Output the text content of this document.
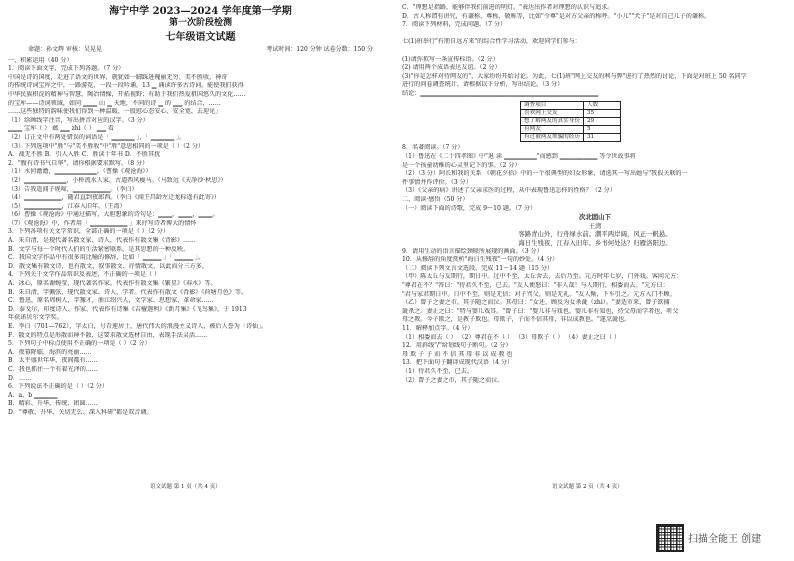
海宁中学 2023—2024 学年度第一学期
第一次阶段检测
七年级语文试题
命题：孙文辉 审核：吴晃晃	考试时间：120 分钟 试卷分数：150 分
一、积累运用（40 分）
1．阅读下面文字，完成下列各题。（7 分）
中国是诗的国度，走进了语文的世界，就犹如一脚踩进瑰丽无穷、美不胜收，神奇
的传统诗词宝库之中，一路游览，一段一段吟诵。13 ▁ 诵读许多古诗词，能使我们获得
中华民族积淀的精神与智慧，陶冶情操，开拓视野；有助于我们热爱祖国悠久的文化……
的宝库——诗词领域，如同 ▁▁▁ 山 ▁ 天地，不同的诗 ▁ 的 ▁▁ 的结合，……
……这些独特的韵味使我们得到一种温暖、一股慰心态安心、安全宽、去迎见」
（1）给画线字注音，写出拼音对应的汉字。（3 分）
▁▁▁ 宝库（ ） 蕴 ▁▁ zhì（ ） ▁▁ 看
（2）订正文中有两处错误的词语是「 ▁▁▁▁▁ 」，「 ▁▁▁▁▁ 」。
（3）下列选项中"胜"与"美不胜收"中"胜"意思相同的一项是（ ）（2 分）
A．战无不胜 B．引人入胜 C．胜读十年书 D．不胜其扰
2．"腹有诗书气自华"，请你根据要求默写。（8 分）
（1）水何澹澹，▁▁▁▁▁▁▁▁▁。（曹操《观沧海》）
（2）▁▁▁▁▁▁▁▁▁，小桥流水人家，古道西风瘦马。（马致远《天净沙·秋思》）
（3）告我遥闻子规啼，▁▁▁▁▁▁▁▁。（李白）
（4）▁▁▁▁▁▁▁▁，随君直到夜郎西。（李白《闻王昌龄左迁龙标遥有此寄》）
（5）▁▁▁▁▁▁▁▁，江春入旧年。（王湾）
（6）曹操《观沧海》中通过描写，大胆想象的诗句是：▁▁▁，▁▁▁，▁▁▁。
（7）《观沧海》中，作者用「 ▁▁▁▁▁▁▁▁ 」来抒写诗者博大的情怀
3．下列各项有关文学常识，全部正确的一项是（ ）（2 分）
A．朱自清，是现代著名散文家、诗人，代表作有散文集《背影》……
B．文学与每一个时代人们的生活紧密联系，是其思想的一种反映。
C．我国文学作品中有很多用比喻的修辞，比如「 ▁▁▁▁ 」「 ▁▁▁▁ 」。
D．散文集有散文诗，也有散文、叙事散文、抒情散文、以此而分三方多。
4．下列关于文学作品常识及表述，不正确的一项是（ ）
A．冰心，原名谢婉莹，现代著名作家。代表作有散文集《繁星》《春水》等。
B．朱自清，字佩弦，现代散文家、诗人，学者。代表作有散文《背影》《荷塘月色》等。
C．鲁迅，原名周树人，字豫才，浙江绍兴人，文学家、思想家、革命家……
D．泰戈尔，印度诗人、作家，代表作有诗集《吉檀迦利》《新月集》《飞鸟集》，于 1913
年获诺贝尔文学奖。
E．李白（701—762），字太白，号青莲居士，唐代伟大的浪漫主义诗人，被后人誉为「诗仙」。
F．散文的特点是形散而神不散，这要求散文选材自由、表现手法灵活……
5．下列句子中标点使用不正确的一项是（ ）（2 分）
A．夜幕降临，海滨的亮丽……
B．太平盛世年华，夜间都有……
C．我也抓住一个有着光泽的……
D．……
6．下列说法不正确的是（ ）（2 分）
A．a、b ▁▁▁▁▁
B．精彩、升华、传统、团圆……
D．"尊敬、升华、关切无么、深入科研"都是双音调。
语文试题 第 1 页（共 4 页）
C．"理想是指路，能够伴我们前进的明灯。"表达出作者对理想的认识与追求。
D．古人称谓有讲究，有谦称、尊称、敬称等，比如"令尊"是对方父亲的称呼。"小儿""犬子"是对自己儿子的谦称。
7．阅读下列材料，完成问题。（7 分）

七(1)班举行"有朋自远方来"的综合性学习活动，欢迎同学们参与：

(1)请你拟写一条宣传标语。（2 分）
(2) 请用两个成语表达友谊。（2 分）
(3)"你是怎样对待网友的"，大家纷纷开始讨论。为此，七(1)班"网上交友的利与弊"进行了热烈的讨论，下面是对班上 50 名同学
进行的问卷调查统计，请根据以下分析，写出结论。（3 分）
结论：▁▁▁▁▁▁▁▁▁▁▁▁▁▁▁▁▁▁▁▁▁▁▁▁▁▁▁▁▁▁▁▁▁▁▁▁▁▁
调查项目	人数
喜欢网上交友	35
想了解网友的真实身份	29
有网友	5
有过被网友欺骗的经历	31
8．名著阅读。（7 分）
（1）鲁迅在《二十四孝图》中"退 读 ▁▁▁▁▁▁▁"而感到 ▁▁▁▁▁▁▁▁ 等令世故事将
是一个孩童幼稚的心灵里记下的事。（2 分）
（2）（3 分）阿长和我的关系 《朝花夕拾》中的一个很典型的妇女形象，请选其一写出她与"我很关联的一
件事情并作评价。（3 分）
（3）《父亲的病》讲述了父亲求医的过程，从中表现鲁迅怎样的性格？（2 分）
二、阅读·感悟（50 分）
（一）阅读下面的诗歌，完成 9～10 题。（7 分）
次北固山下
王湾
客路青山外，行舟绿水前。潮平两岸阔，风正一帆悬。
海日生残夜，江春入旧年。乡书何处达？归雁洛阳边。
9．请用生动的语言描绘颈联所展现的画面。（3 分）
10．从修辞的角度赏析"海日生残夜"一句的妙处。（4 分）
（二）阅读下列文言文选段，完成 11～14 题（15 分）
（甲）陈太丘与友期行，期日中。过中不至，太丘舍去，去后乃至。元方时年七岁，门外戏。客问元方：
"尊君在不？"答曰："待君久不至，已去。"友人便怒曰："非人哉！与人期行，相委而去。"元方曰：
"君与家君期日中。日中不至，则是无信；对子骂父，则是无礼。"友人惭，下车引之。元方入门不顾。
（乙）曾子之妻之市，其子随之而泣。其母曰："女还，顾反为女杀彘（zhì）。"妻适市来，曾子欲捕
彘杀之。妻止之曰："特与婴儿戏耳。"曾子曰："婴儿非与戏也。婴儿非有知也，待父母而学者也，听父
母之教。今子欺之，是教子欺也。母欺子，子而不信其母，非以成教也。"遂烹彘也。
11．解释加点字。（4 分）
（1）相委而去（ ） （2）尊君在不（ ） （3）母欺子（ ） （4）妻止之曰（ ）
12．用斜线"/"给划线句子断句。（2 分）
母 欺 子 子 而 不 信 其 母 非 以 成 教 也
13．把下面句子翻译成现代汉语（4 分）
（1）待君久不至，已去。
（2）曾子之妻之市，其子随之而泣。
语文试题 第 2 页（共 4 页）
扫描全能王 创建
